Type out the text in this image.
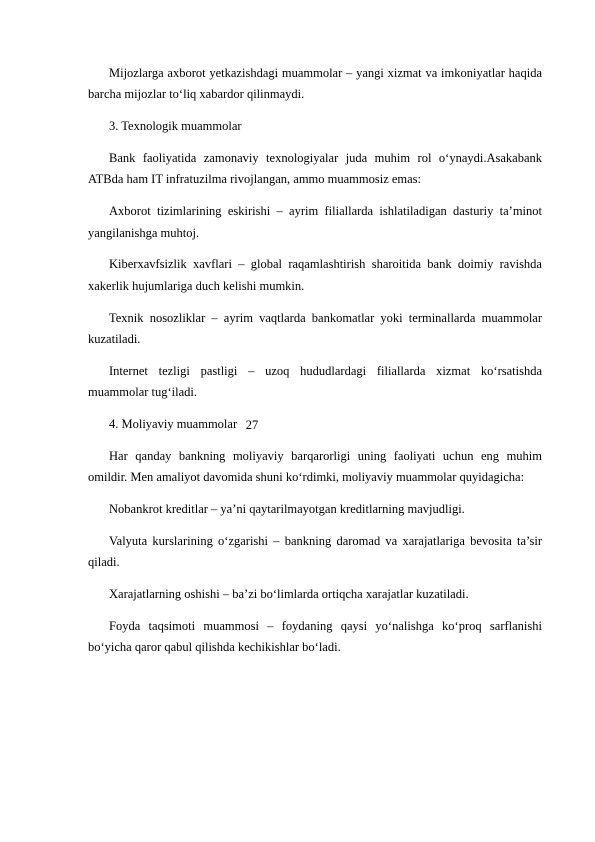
Mijozlarga axborot yetkazishdagi muammolar – yangi xizmat va imkoniyatlar haqida barcha mijozlar to‘liq xabardor qilinmaydi.

3. Texnologik muammolar

Bank faoliyatida zamonaviy texnologiyalar juda muhim rol o‘ynaydi.Asakabank ATBda ham IT infratuzilma rivojlangan, ammo muammosiz emas:

Axborot tizimlarining eskirishi – ayrim filiallarda ishlatiladigan dasturiy ta’minot yangilanishga muhtoj.

Kiberxavfsizlik xavflari – global raqamlashtirish sharoitida bank doimiy ravishda xakerlik hujumlariga duch kelishi mumkin.

Texnik nosozliklar – ayrim vaqtlarda bankomatlar yoki terminallarda muammolar kuzatiladi.

Internet tezligi pastligi – uzoq hududlardagi filiallarda xizmat ko‘rsatishda muammolar tug‘iladi.

4. Moliyaviy muammolar

Har qanday bankning moliyaviy barqarorligi uning faoliyati uchun eng muhim omildir. Men amaliyot davomida shuni ko‘rdimki, moliyaviy muammolar quyidagicha:

Nobankrot kreditlar – ya’ni qaytarilmayotgan kreditlarning mavjudligi.

Valyuta kurslarining o‘zgarishi – bankning daromad va xarajatlariga bevosita ta’sir qiladi.

Xarajatlarning oshishi – ba’zi bo‘limlarda ortiqcha xarajatlar kuzatiladi.

Foyda taqsimoti muammosi – foydaning qaysi yo‘nalishga ko‘proq sarflanishi bo‘yicha qaror qabul qilishda kechikishlar bo‘ladi.

27
